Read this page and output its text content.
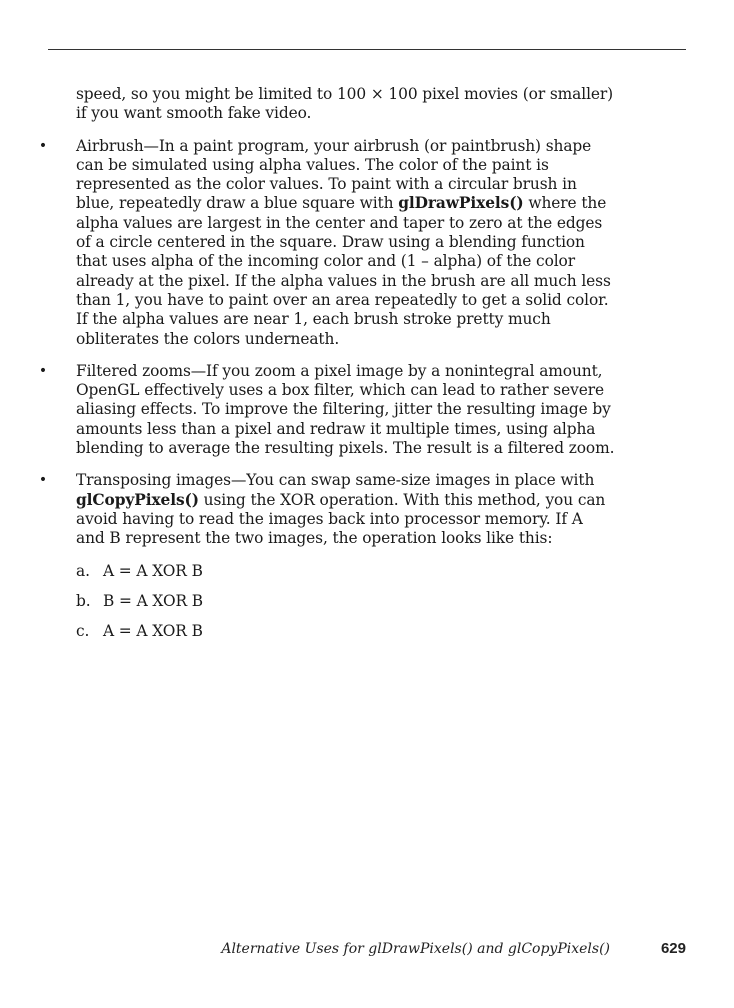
speed, so you might be limited to 100 × 100 pixel movies (or smaller) if you want smooth fake video.

• Airbrush—In a paint program, your airbrush (or paintbrush) shape can be simulated using alpha values. The color of the paint is represented as the color values. To paint with a circular brush in blue, repeatedly draw a blue square with glDrawPixels() where the alpha values are largest in the center and taper to zero at the edges of a circle centered in the square. Draw using a blending function that uses alpha of the incoming color and (1 – alpha) of the color already at the pixel. If the alpha values in the brush are all much less than 1, you have to paint over an area repeatedly to get a solid color. If the alpha values are near 1, each brush stroke pretty much obliterates the colors underneath.
• Filtered zooms—If you zoom a pixel image by a nonintegral amount, OpenGL effectively uses a box filter, which can lead to rather severe aliasing effects. To improve the filtering, jitter the resulting image by amounts less than a pixel and redraw it multiple times, using alpha blending to average the resulting pixels. The result is a filtered zoom.
• Transposing images—You can swap same-size images in place with glCopyPixels() using the XOR operation. With this method, you can avoid having to read the images back into processor memory. If A and B represent the two images, the operation looks like this:
a. A = A XOR B
b. B = A XOR B
c. A = A XOR B
Alternative Uses for glDrawPixels() and glCopyPixels()	629
